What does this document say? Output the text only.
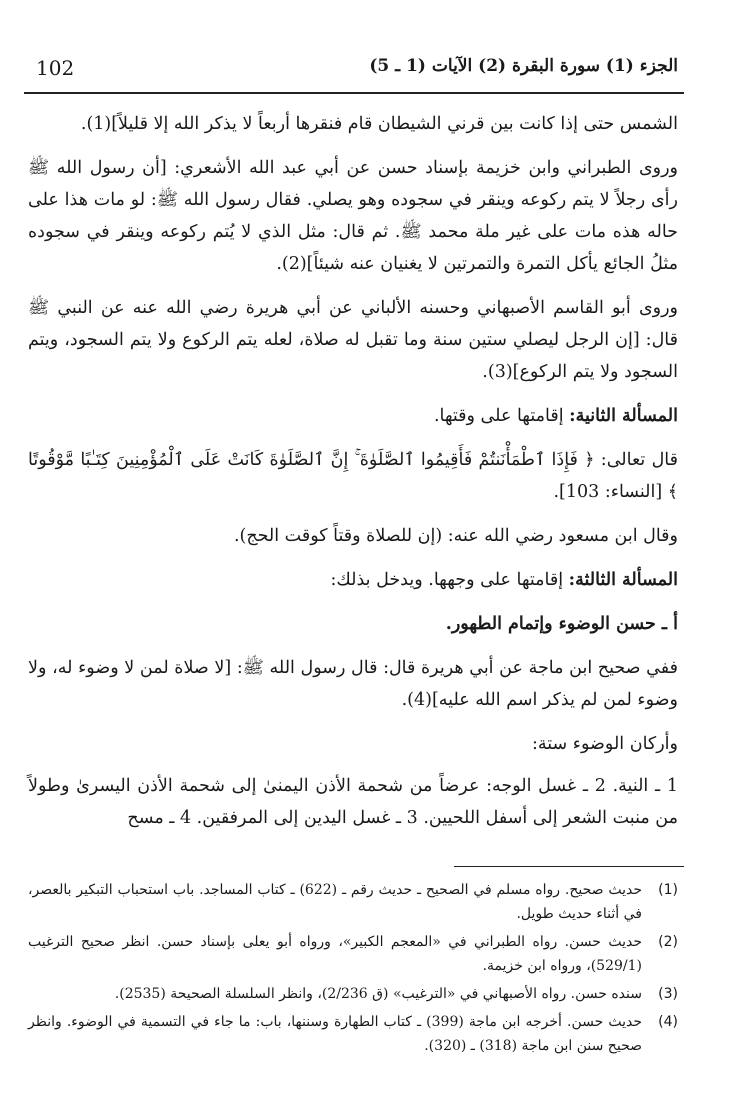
102	الجزء (1) سورة البقرة (2) الآيات (1 ـ 5)

الشمس حتى إذا كانت بين قرني الشيطان قام فنقرها أربعاً لا يذكر الله إلا قليلاً](1).

وروى الطبراني وابن خزيمة بإسناد حسن عن أبي عبد الله الأشعري: [أن رسول الله ﷺ رأى رجلاً لا يتم ركوعه وينقر في سجوده وهو يصلي. فقال رسول الله ﷺ: لو مات هذا على حاله هذه مات على غير ملة محمد ﷺ. ثم قال: مثل الذي لا يُتم ركوعه وينقر في سجوده مثلُ الجائع يأكل التمرة والتمرتين لا يغنيان عنه شيئاً](2).

وروى أبو القاسم الأصبهاني وحسنه الألباني عن أبي هريرة رضي الله عنه عن النبي ﷺ قال: [إن الرجل ليصلي ستين سنة وما تقبل له صلاة، لعله يتم الركوع ولا يتم السجود، ويتم السجود ولا يتم الركوع](3).

المسألة الثانية: إقامتها على وقتها.

قال تعالى: ﴿ فَإِذَا ٱطْمَأْنَنتُمْ فَأَقِيمُوا ٱلصَّلَوٰةَ ۚ إِنَّ ٱلصَّلَوٰةَ كَانَتْ عَلَى ٱلْمُؤْمِنِينَ كِتَـٰبًا مَّوْقُوتًا ﴾ [النساء: 103].

وقال ابن مسعود رضي الله عنه: (إن للصلاة وقتاً كوقت الحج).

المسألة الثالثة: إقامتها على وجهها. ويدخل بذلك:

أ ـ حسن الوضوء وإتمام الطهور.

ففي صحيح ابن ماجة عن أبي هريرة قال: قال رسول الله ﷺ: [لا صلاة لمن لا وضوء له، ولا وضوء لمن لم يذكر اسم الله عليه](4).

وأركان الوضوء ستة:

1 ـ النية. 2 ـ غسل الوجه: عرضاً من شحمة الأذن اليمنىٰ إلى شحمة الأذن اليسرىٰ وطولاً من منبت الشعر إلى أسفل اللحيين. 3 ـ غسل اليدين إلى المرفقين. 4 ـ مسح

(1)
حديث صحيح. رواه مسلم في الصحيح ـ حديث رقم ـ (622) ـ كتاب المساجد. باب استحباب التبكير بالعصر، في أثناء حديث طويل.
(2)
حديث حسن. رواه الطبراني في «المعجم الكبير»، ورواه أبو يعلى بإسناد حسن. انظر صحيح الترغيب (529/1)، ورواه ابن خزيمة.
(3)
سنده حسن. رواه الأصبهاني في «الترغيب» (ق 2/236)، وانظر السلسلة الصحيحة (2535).
(4)
حديث حسن. أخرجه ابن ماجة (399) ـ كتاب الطهارة وسننها، باب: ما جاء في التسمية في الوضوء. وانظر صحيح سنن ابن ماجة (318) ـ (320).
